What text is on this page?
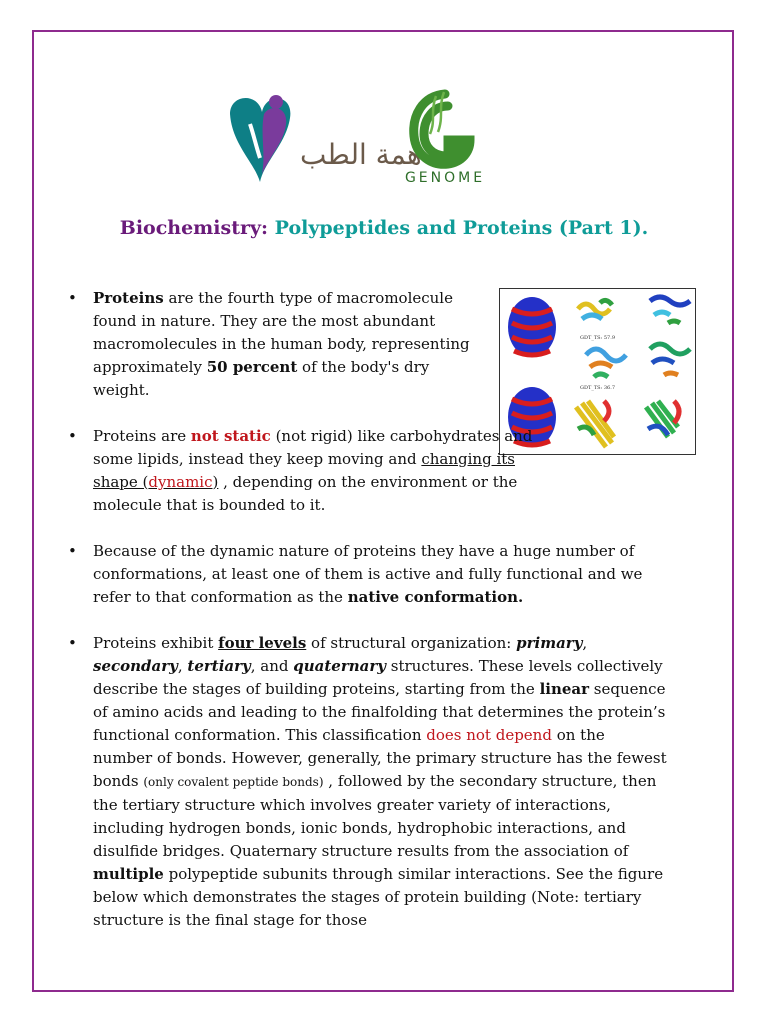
همة الطب
GENOME
Biochemistry: Polypeptides and Proteins (Part 1).
GDT_TS: 57.9
GDT_TS: 36.7
• Proteins are the fourth type of macromolecule found in nature. They are the most abundant macromolecules in the human body, representing approximately 50 percent of the body's dry weight.
• Proteins are not static (not rigid) like carbohydrates and some lipids, instead they keep moving and changing its shape (dynamic) , depending on the environment or the molecule that is bounded to it.
• Because of the dynamic nature of proteins they have a huge number of conformations, at least one of them is active and fully functional and we refer to that conformation as the native conformation.
• Proteins exhibit four levels of structural organization: primary, secondary, tertiary, and quaternary structures. These levels collectively describe the stages of building proteins, starting from the linear sequence of amino acids and leading to the finalfolding that determines the protein’s functional conformation. This classification does not depend on the number of bonds. However, generally, the primary structure has the fewest bonds (only covalent peptide bonds) , followed by the secondary structure, then the tertiary structure which involves greater variety of interactions, including hydrogen bonds, ionic bonds, hydrophobic interactions, and disulfide bridges. Quaternary structure results from the association of multiple polypeptide subunits through similar interactions. See the figure below which demonstrates the stages of protein building (Note: tertiary structure is the final stage for those
